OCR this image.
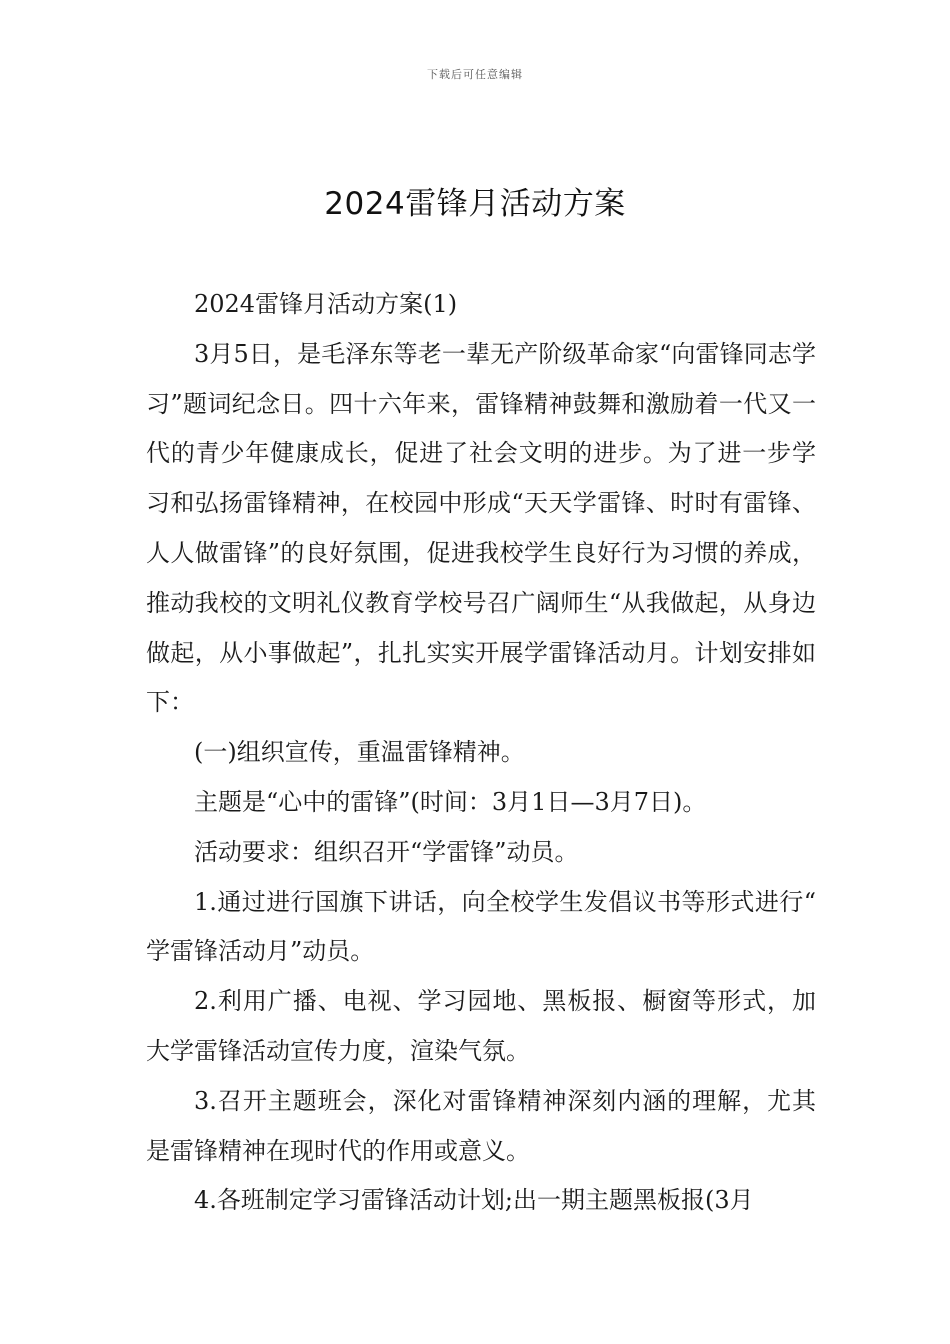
下载后可任意编辑
2024雷锋月活动方案

2024雷锋月活动方案(1)

3月5日，是毛泽东等老一辈无产阶级革命家“向雷锋同志学习”题词纪念日。四十六年来，雷锋精神鼓舞和激励着一代又一代的青少年健康成长，促进了社会文明的进步。为了进一步学习和弘扬雷锋精神，在校园中形成“天天学雷锋、时时有雷锋、人人做雷锋”的良好氛围，促进我校学生良好行为习惯的养成，推动我校的文明礼仪教育学校号召广阔师生“从我做起，从身边做起，从小事做起”，扎扎实实开展学雷锋活动月。计划安排如下：

(一)组织宣传，重温雷锋精神。

主题是“心中的雷锋”(时间：3月1日—3月7日)。

活动要求：组织召开“学雷锋”动员。

1.通过进行国旗下讲话，向全校学生发倡议书等形式进行“学雷锋活动月”动员。

2.利用广播、电视、学习园地、黑板报、橱窗等形式，加大学雷锋活动宣传力度，渲染气氛。

3.召开主题班会，深化对雷锋精神深刻内涵的理解，尤其是雷锋精神在现时代的作用或意义。

4.各班制定学习雷锋活动计划;出一期主题黑板报(3月
